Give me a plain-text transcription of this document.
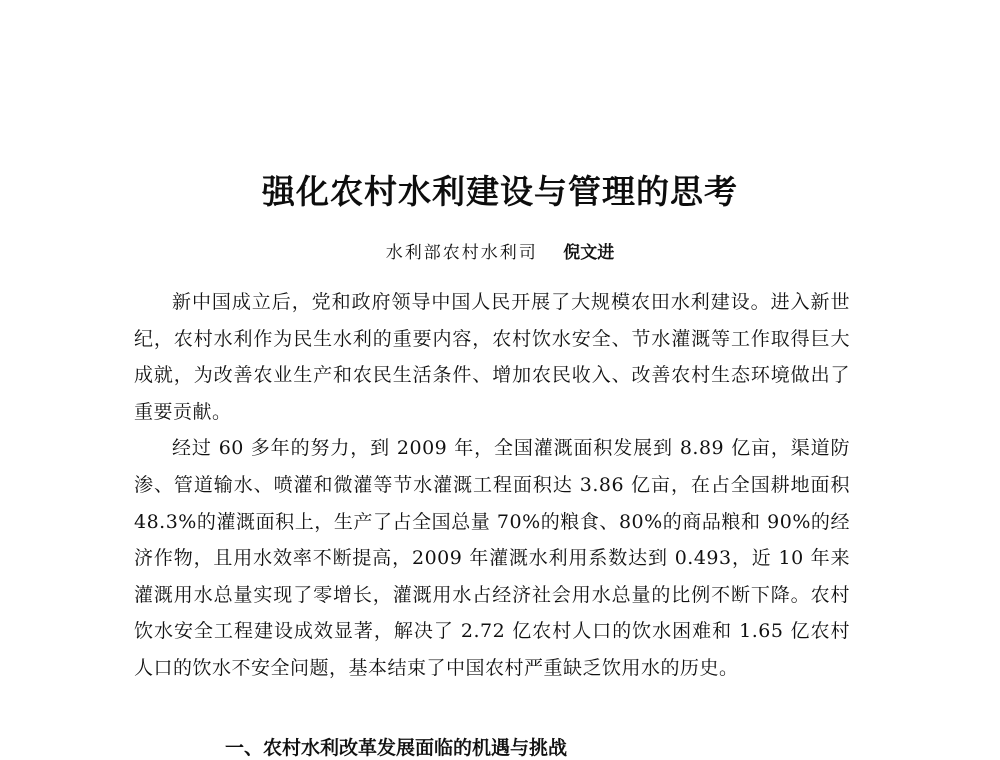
强化农村水利建设与管理的思考
水利部农村水利司 倪文进

新中国成立后，党和政府领导中国人民开展了大规模农田水利建设。进入新世纪，农村水利作为民生水利的重要内容，农村饮水安全、节水灌溉等工作取得巨大成就，为改善农业生产和农民生活条件、增加农民收入、改善农村生态环境做出了重要贡献。

经过 60 多年的努力，到 2009 年，全国灌溉面积发展到 8.89 亿亩，渠道防渗、管道输水、喷灌和微灌等节水灌溉工程面积达 3.86 亿亩，在占全国耕地面积 48.3%的灌溉面积上，生产了占全国总量 70%的粮食、80%的商品粮和 90%的经济作物，且用水效率不断提高，2009 年灌溉水利用系数达到 0.493，近 10 年来灌溉用水总量实现了零增长，灌溉用水占经济社会用水总量的比例不断下降。农村饮水安全工程建设成效显著，解决了 2.72 亿农村人口的饮水困难和 1.65 亿农村人口的饮水不安全问题，基本结束了中国农村严重缺乏饮用水的历史。

一、农村水利改革发展面临的机遇与挑战
